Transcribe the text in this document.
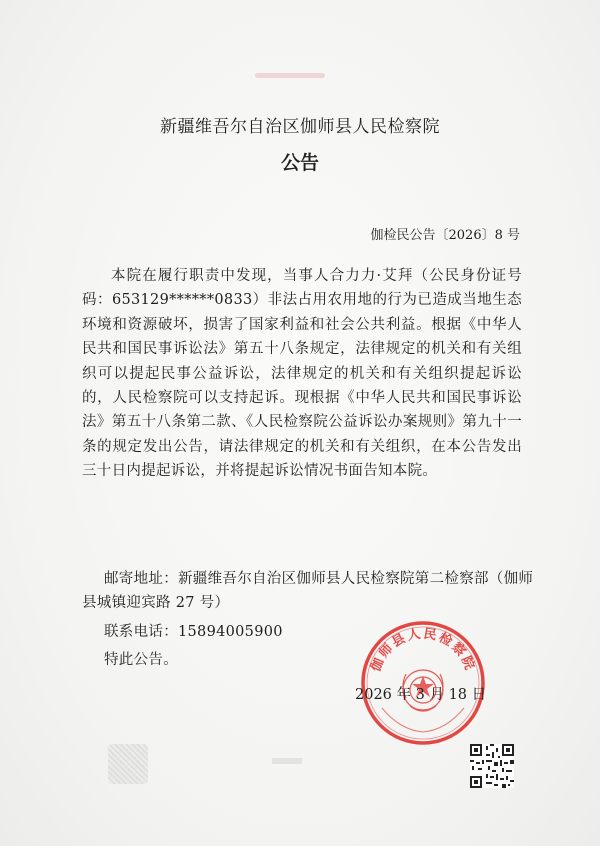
新疆维吾尔自治区伽师县人民检察院
公告
伽检民公告〔2026〕8 号

本院在履行职责中发现，当事人合力力·艾拜（公民身份证号码：653129******0833）非法占用农用地的行为已造成当地生态环境和资源破坏，损害了国家利益和社会公共利益。根据《中华人民共和国民事诉讼法》第五十八条规定，法律规定的机关和有关组织可以提起民事公益诉讼，法律规定的机关和有关组织提起诉讼的，人民检察院可以支持起诉。现根据《中华人民共和国民事诉讼法》第五十八条第二款、《人民检察院公益诉讼办案规则》第九十一条的规定发出公告，请法律规定的机关和有关组织，在本公告发出三十日内提起诉讼，并将提起诉讼情况书面告知本院。

邮寄地址：新疆维吾尔自治区伽师县人民检察院第二检察部（伽师县城镇迎宾路 27 号）

联系电话：15894005900

特此公告。	伽师县人民检察院
2026 年 3 月 18 日
